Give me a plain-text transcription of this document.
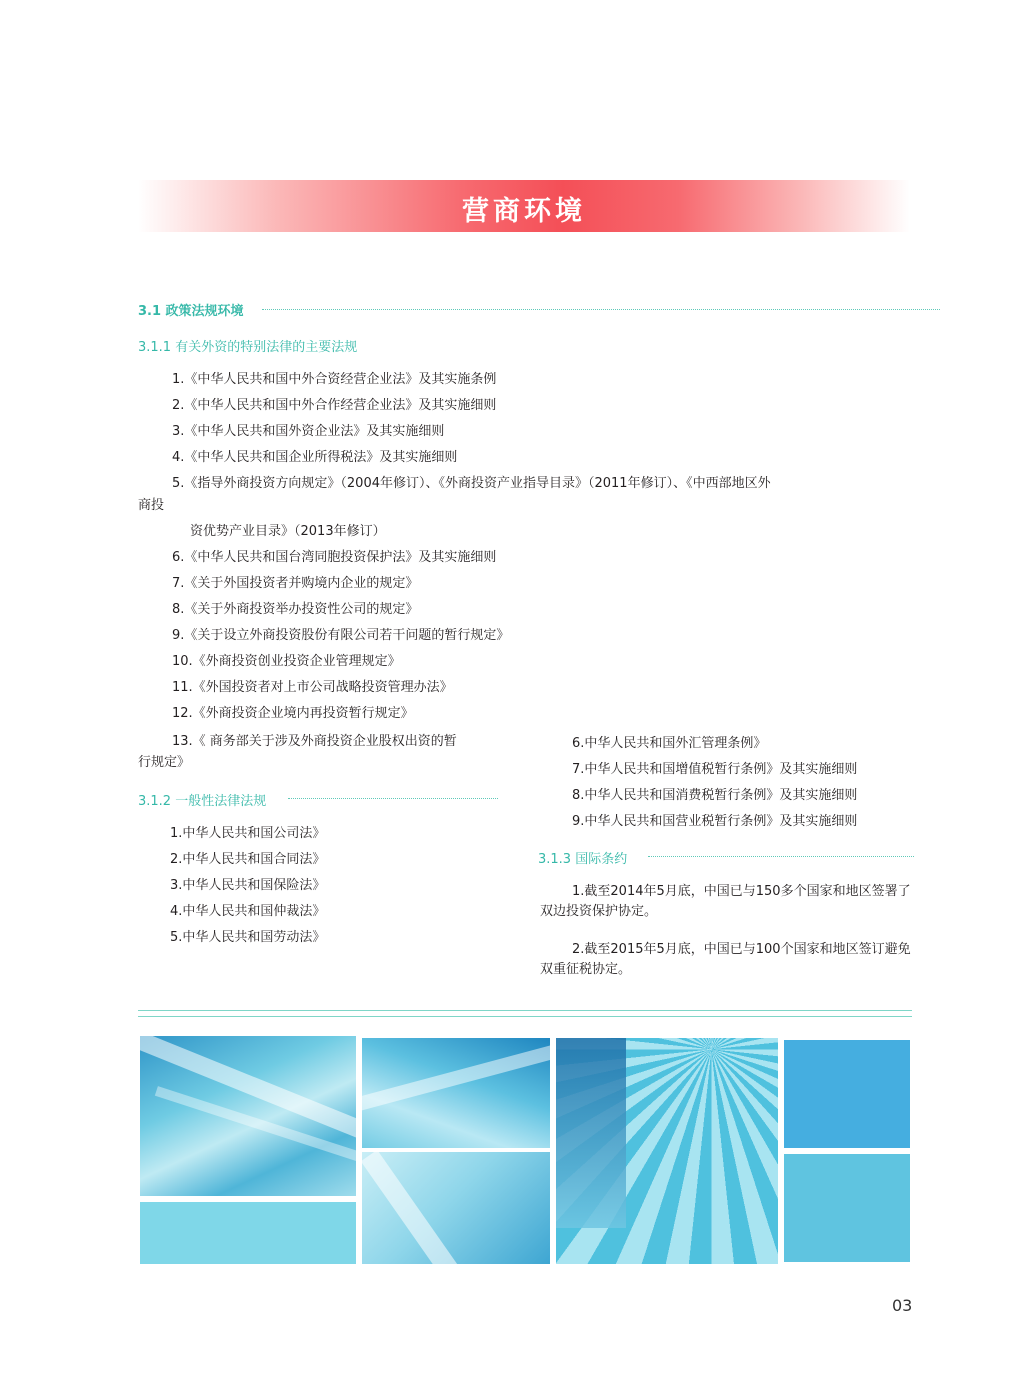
营商环境
3.1 政策法规环境
3.1.1 有关外资的特别法律的主要法规
1.《中华人民共和国中外合资经营企业法》及其实施条例
2.《中华人民共和国中外合作经营企业法》及其实施细则
3.《中华人民共和国外资企业法》及其实施细则
4.《中华人民共和国企业所得税法》及其实施细则
5.《指导外商投资方向规定》（2004年修订）、《外商投资产业指导目录》（2011年修订）、《中西部地区外
商投
资优势产业目录》（2013年修订）
6.《中华人民共和国台湾同胞投资保护法》及其实施细则
7.《关于外国投资者并购境内企业的规定》
8.《关于外商投资举办投资性公司的规定》
9.《关于设立外商投资股份有限公司若干问题的暂行规定》
10.《外商投资创业投资企业管理规定》
11.《外国投资者对上市公司战略投资管理办法》
12.《外商投资企业境内再投资暂行规定》
13.《 商务部关于涉及外商投资企业股权出资的暂
行规定》
3.1.2 一般性法律法规
1.中华人民共和国公司法》
2.中华人民共和国合同法》
3.中华人民共和国保险法》
4.中华人民共和国仲裁法》
5.中华人民共和国劳动法》
6.中华人民共和国外汇管理条例》
7.中华人民共和国增值税暂行条例》及其实施细则
8.中华人民共和国消费税暂行条例》及其实施细则
9.中华人民共和国营业税暂行条例》及其实施细则
3.1.3 国际条约
1.截至2014年5月底，中国已与150多个国家和地区签署了双边投资保护协定。
2.截至2015年5月底，中国已与100个国家和地区签订避免双重征税协定。
03
